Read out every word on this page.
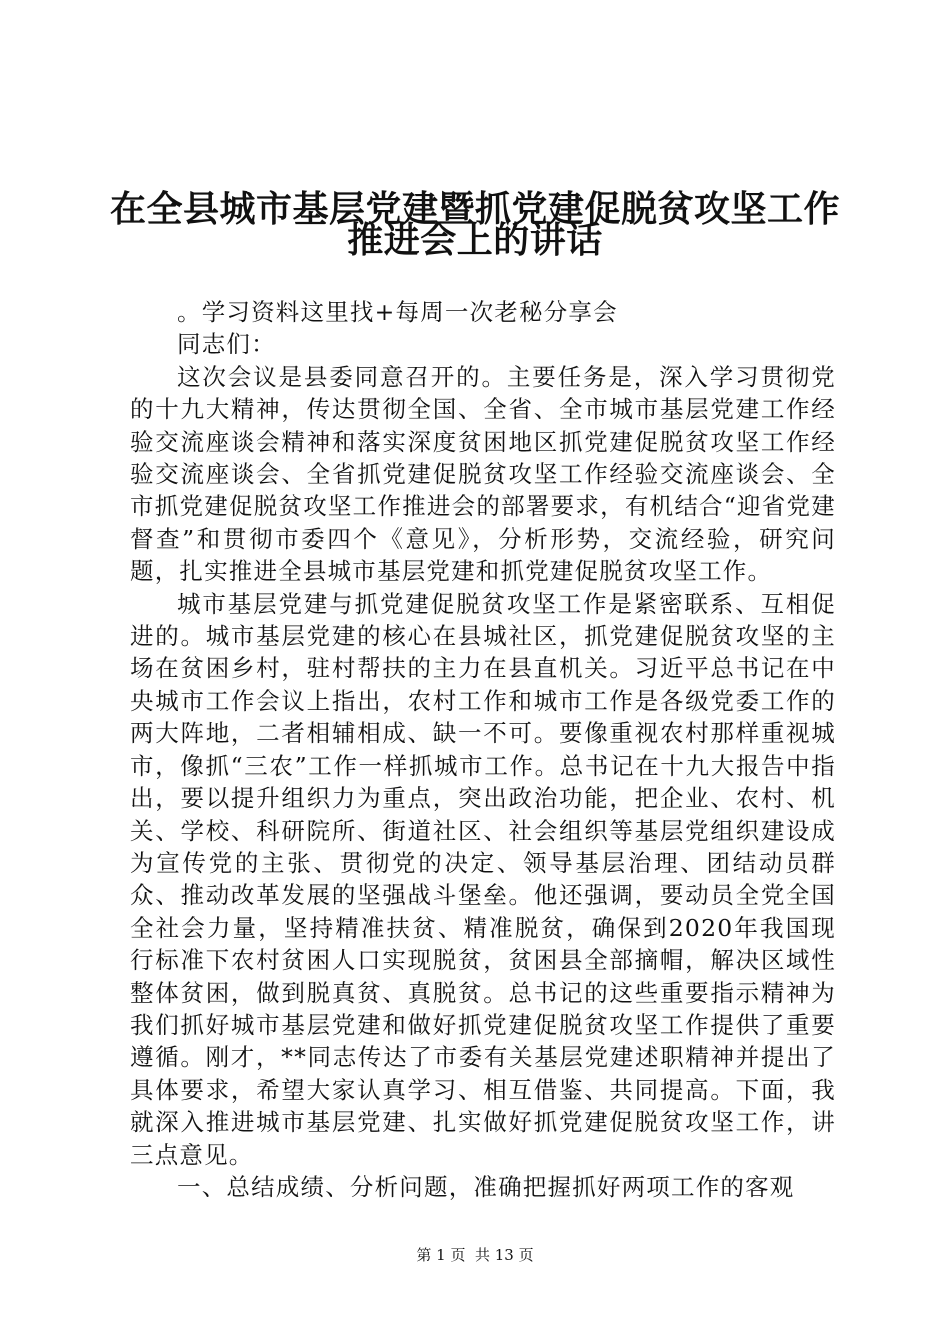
在全县城市基层党建暨抓党建促脱贫攻坚工作
推进会上的讲话

。学习资料这里找+每周一次老秘分享会

同志们：

这次会议是县委同意召开的。主要任务是，深入学习贯彻党的十九大精神，传达贯彻全国、全省、全市城市基层党建工作经验交流座谈会精神和落实深度贫困地区抓党建促脱贫攻坚工作经验交流座谈会、全省抓党建促脱贫攻坚工作经验交流座谈会、全市抓党建促脱贫攻坚工作推进会的部署要求，有机结合“迎省党建督查”和贯彻市委四个《意见》，分析形势，交流经验，研究问题，扎实推进全县城市基层党建和抓党建促脱贫攻坚工作。

城市基层党建与抓党建促脱贫攻坚工作是紧密联系、互相促进的。城市基层党建的核心在县城社区，抓党建促脱贫攻坚的主场在贫困乡村，驻村帮扶的主力在县直机关。习近平总书记在中央城市工作会议上指出，农村工作和城市工作是各级党委工作的两大阵地，二者相辅相成、缺一不可。要像重视农村那样重视城市，像抓“三农”工作一样抓城市工作。总书记在十九大报告中指出，要以提升组织力为重点，突出政治功能，把企业、农村、机关、学校、科研院所、街道社区、社会组织等基层党组织建设成为宣传党的主张、贯彻党的决定、领导基层治理、团结动员群众、推动改革发展的坚强战斗堡垒。他还强调，要动员全党全国全社会力量，坚持精准扶贫、精准脱贫，确保到2020年我国现行标准下农村贫困人口实现脱贫，贫困县全部摘帽，解决区域性整体贫困，做到脱真贫、真脱贫。总书记的这些重要指示精神为我们抓好城市基层党建和做好抓党建促脱贫攻坚工作提供了重要遵循。刚才，**同志传达了市委有关基层党建述职精神并提出了具体要求，希望大家认真学习、相互借鉴、共同提高。下面，我就深入推进城市基层党建、扎实做好抓党建促脱贫攻坚工作，讲三点意见。

一、总结成绩、分析问题，准确把握抓好两项工作的客观

第 1 页  共 13 页
